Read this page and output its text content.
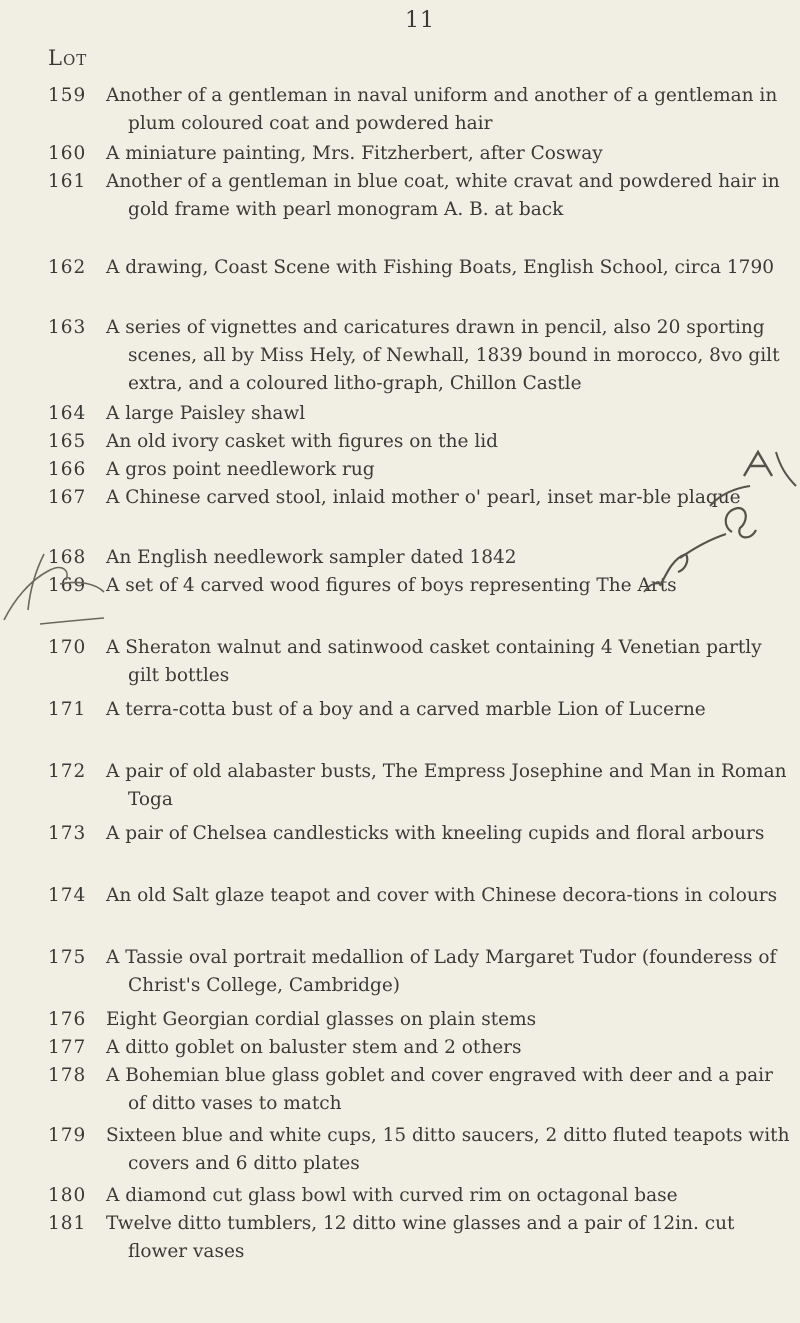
11
Lot
159	Another of a gentleman in naval uniform and another of a gentleman in plum coloured coat and powdered hair
160	A miniature painting, Mrs. Fitzherbert, after Cosway
161	Another of a gentleman in blue coat, white cravat and powdered hair in gold frame with pearl monogram A. B. at back
162	A drawing, Coast Scene with Fishing Boats, English School, circa 1790
163	A series of vignettes and caricatures drawn in pencil, also 20 sporting scenes, all by Miss Hely, of Newhall, 1839 bound in morocco, 8vo gilt extra, and a coloured litho-graph, Chillon Castle
164	A large Paisley shawl
165	An old ivory casket with figures on the lid
166	A gros point needlework rug
167	A Chinese carved stool, inlaid mother o' pearl, inset mar-ble plaque
168	An English needlework sampler dated 1842
169	A set of 4 carved wood figures of boys representing The Arts
170	A Sheraton walnut and satinwood casket containing 4 Venetian partly gilt bottles
171	A terra-cotta bust of a boy and a carved marble Lion of Lucerne
172	A pair of old alabaster busts, The Empress Josephine and Man in Roman Toga
173	A pair of Chelsea candlesticks with kneeling cupids and floral arbours
174	An old Salt glaze teapot and cover with Chinese decora-tions in colours
175	A Tassie oval portrait medallion of Lady Margaret Tudor (founderess of Christ's College, Cambridge)
176	Eight Georgian cordial glasses on plain stems
177	A ditto goblet on baluster stem and 2 others
178	A Bohemian blue glass goblet and cover engraved with deer and a pair of ditto vases to match
179	Sixteen blue and white cups, 15 ditto saucers, 2 ditto fluted teapots with covers and 6 ditto plates
180	A diamond cut glass bowl with curved rim on octagonal base
181	Twelve ditto tumblers, 12 ditto wine glasses and a pair of 12in. cut flower vases
